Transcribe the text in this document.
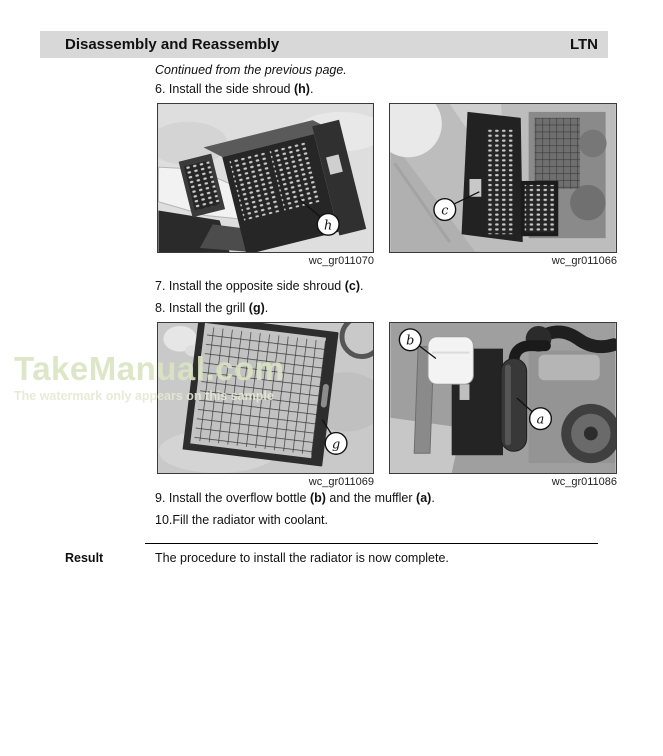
Disassembly and Reassembly	LTN
Continued from the previous page.
6. Install the side shroud (h).
h
wc_gr011070
c
wc_gr011066
7. Install the opposite side shroud (c).
8. Install the grill (g).
g
wc_gr011069
b
a
wc_gr011086
9. Install the overflow bottle (b) and the muffler (a).
10.Fill the radiator with coolant.
Result	The procedure to install the radiator is now complete.
TakeManual.com
The watermark only appears on this sample
